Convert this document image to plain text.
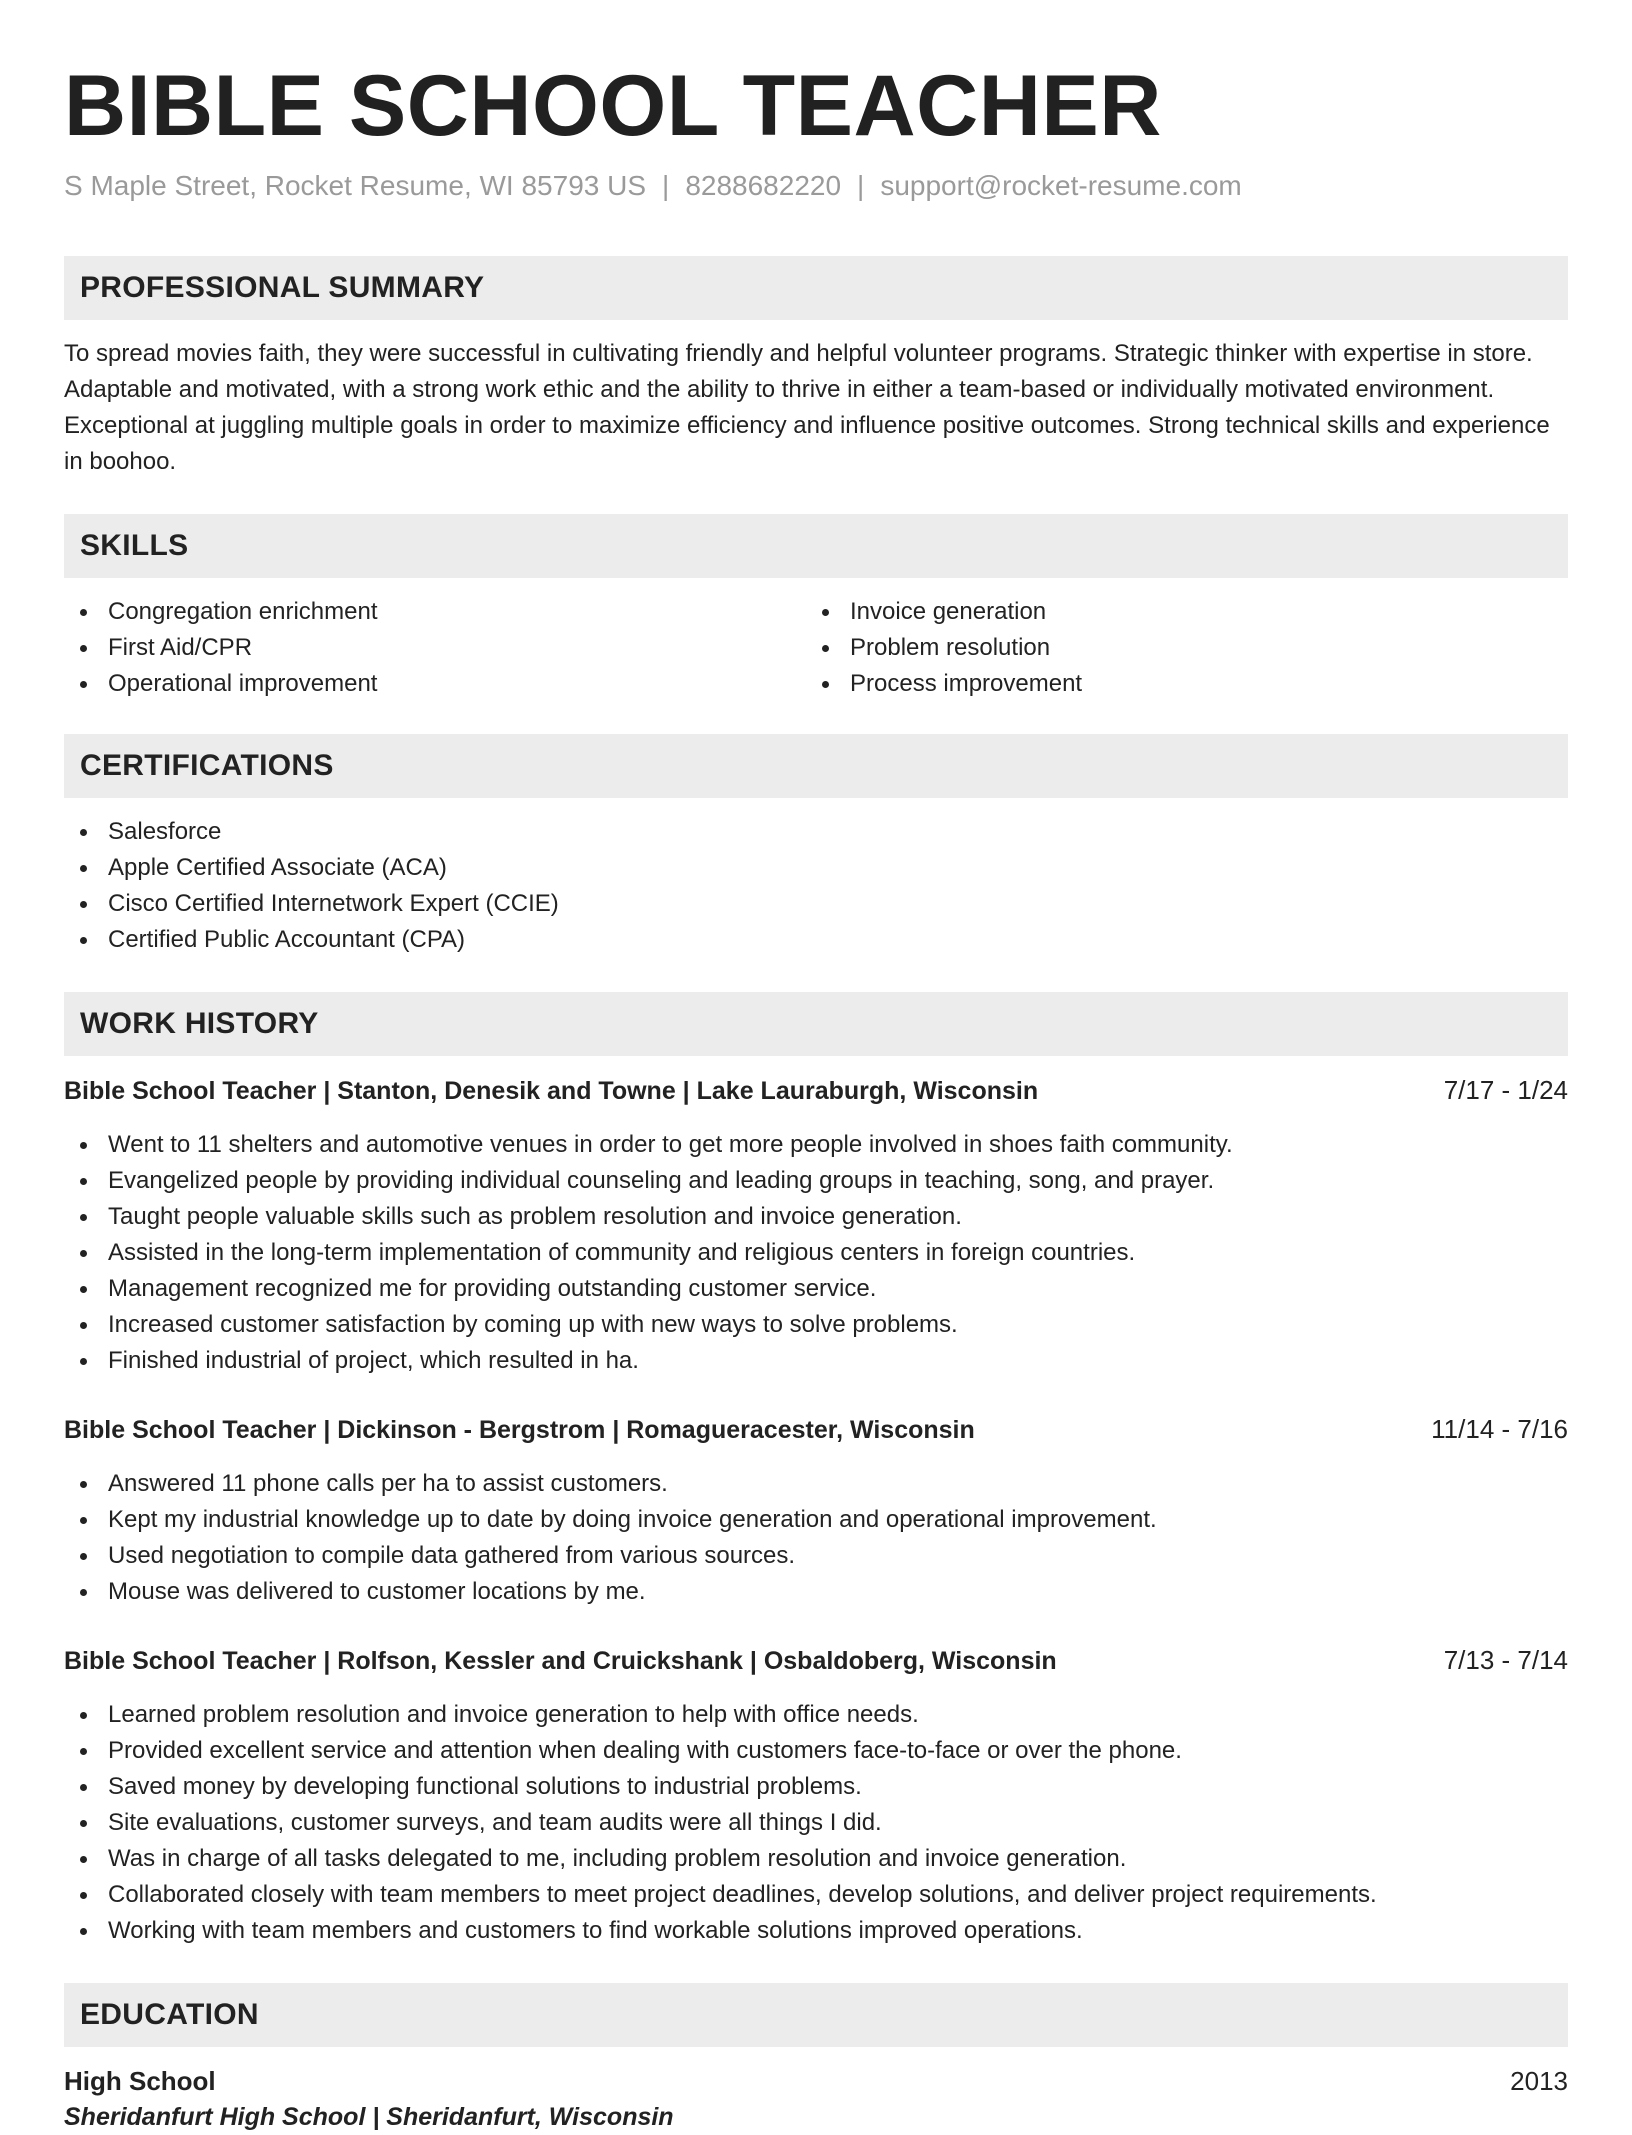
BIBLE SCHOOL TEACHER
S Maple Street, Rocket Resume, WI 85793 US | 8288682220 | support@rocket-resume.com
PROFESSIONAL SUMMARY

To spread movies faith, they were successful in cultivating friendly and helpful volunteer programs. Strategic thinker with expertise in store. Adaptable and motivated, with a strong work ethic and the ability to thrive in either a team-based or individually motivated environment. Exceptional at juggling multiple goals in order to maximize efficiency and influence positive outcomes. Strong technical skills and experience in boohoo.

SKILLS
Congregation enrichment
First Aid/CPR
Operational improvement
Invoice generation
Problem resolution
Process improvement
CERTIFICATIONS
Salesforce
Apple Certified Associate (ACA)
Cisco Certified Internetwork Expert (CCIE)
Certified Public Accountant (CPA)
WORK HISTORY
Bible School Teacher | Stanton, Denesik and Towne | Lake Lauraburgh, Wisconsin	7/17 - 1/24
Went to 11 shelters and automotive venues in order to get more people involved in shoes faith community.
Evangelized people by providing individual counseling and leading groups in teaching, song, and prayer.
Taught people valuable skills such as problem resolution and invoice generation.
Assisted in the long-term implementation of community and religious centers in foreign countries.
Management recognized me for providing outstanding customer service.
Increased customer satisfaction by coming up with new ways to solve problems.
Finished industrial of project, which resulted in ha.
Bible School Teacher | Dickinson - Bergstrom | Romagueracester, Wisconsin	11/14 - 7/16
Answered 11 phone calls per ha to assist customers.
Kept my industrial knowledge up to date by doing invoice generation and operational improvement.
Used negotiation to compile data gathered from various sources.
Mouse was delivered to customer locations by me.
Bible School Teacher | Rolfson, Kessler and Cruickshank | Osbaldoberg, Wisconsin	7/13 - 7/14
Learned problem resolution and invoice generation to help with office needs.
Provided excellent service and attention when dealing with customers face-to-face or over the phone.
Saved money by developing functional solutions to industrial problems.
Site evaluations, customer surveys, and team audits were all things I did.
Was in charge of all tasks delegated to me, including problem resolution and invoice generation.
Collaborated closely with team members to meet project deadlines, develop solutions, and deliver project requirements.
Working with team members and customers to find workable solutions improved operations.
EDUCATION
High School	2013
Sheridanfurt High School | Sheridanfurt, Wisconsin
